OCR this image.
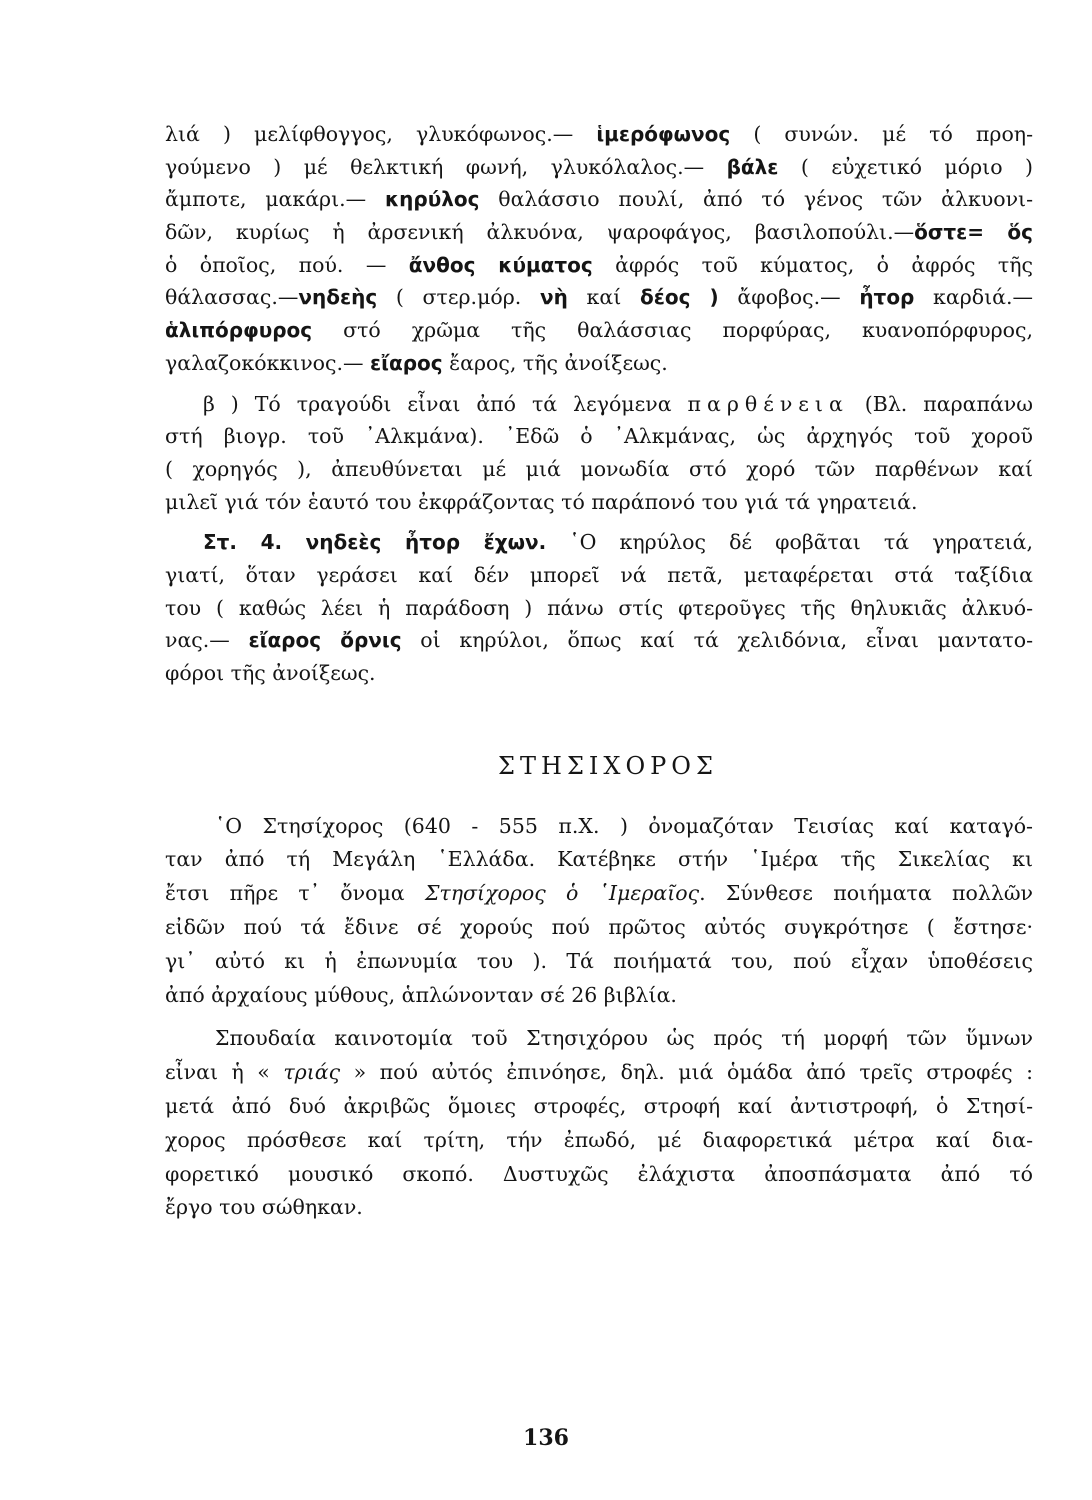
λιά ) μελίφθογγος, γλυκόφωνος.— ἱμερόφωνος ( συνών. μέ τό προη-
γούμενο ) μέ θελκτική φωνή, γλυκόλαλος.— βάλε ( εὐχετικό μόριο )
ἄμποτε, μακάρι.— κηρύλος θαλάσσιο πουλί, ἀπό τό γένος τῶν ἀλκυονι-
δῶν, κυρίως ἡ ἀρσενική ἀλκυόνα, ψαροφάγος, βασιλοπούλι.—ὅστε= ὅς
ὁ ὁποῖος, πού. — ἄνθος κύματος ἀφρός τοῦ κύματος, ὁ ἀφρός τῆς
θάλασσας.—νηδεὴς ( στερ.μόρ. νὴ καί δέος ) ἄφοβος.— ἦτορ καρδιά.—
ἁλιπόρφυρος στό χρῶμα τῆς θαλάσσιας πορφύρας, κυανοπόρφυρος,
γαλαζοκόκκινος.— εἴαρος ἔαρος, τῆς ἀνοίξεως.
β ) Τό τραγούδι εἶναι ἀπό τά λεγόμενα παρθένεια (Βλ. παραπάνω
στή βιογρ. τοῦ ᾿Αλκμάνα). ᾿Εδῶ ὁ ᾿Αλκμάνας, ὡς ἀρχηγός τοῦ χοροῦ
( χορηγός ), ἀπευθύνεται μέ μιά μονωδία στό χορό τῶν παρθένων καί
μιλεῖ γιά τόν ἑαυτό του ἐκφράζοντας τό παράπονό του γιά τά γηρατειά.
Στ. 4. νηδεὲς ἦτορ ἔχων. ῾Ο κηρύλος δέ φοβᾶται τά γηρατειά,
γιατί, ὅταν γεράσει καί δέν μπορεῖ νά πετᾶ, μεταφέρεται στά ταξίδια
του ( καθώς λέει ἡ παράδοση ) πάνω στίς φτεροῦγες τῆς θηλυκιᾶς ἀλκυό-
νας.— εἴαρος ὄρνις οἱ κηρύλοι, ὅπως καί τά χελιδόνια, εἶναι μαντατο-
φόροι τῆς ἀνοίξεως.
ΣΤΗΣΙΧΟΡΟΣ
῾Ο Στησίχορος (640 - 555 π.Χ. ) ὀνομαζόταν Τεισίας καί καταγό-
ταν ἀπό τή Μεγάλη ῾Ελλάδα. Κατέβηκε στήν ῾Ιμέρα τῆς Σικελίας κι
ἔτσι πῆρε τ᾿ ὄνομα Στησίχορος ὁ ῾Ιμεραῖος. Σύνθεσε ποιήματα πολλῶν
εἰδῶν πού τά ἔδινε σέ χορούς πού πρῶτος αὐτός συγκρότησε ( ἔστησε·
γι᾿ αὐτό κι ἡ ἐπωνυμία του ). Τά ποιήματά του, πού εἶχαν ὑποθέσεις
ἀπό ἀρχαίους μύθους, ἁπλώνονταν σέ 26 βιβλία.
Σπουδαία καινοτομία τοῦ Στησιχόρου ὡς πρός τή μορφή τῶν ὕμνων
εἶναι ἡ « τριάς » πού αὐτός ἐπινόησε, δηλ. μιά ὁμάδα ἀπό τρεῖς στροφές :
μετά ἀπό δυό ἀκριβῶς ὅμοιες στροφές, στροφή καί ἀντιστροφή, ὁ Στησί-
χορος πρόσθεσε καί τρίτη, τήν ἐπωδό, μέ διαφορετικά μέτρα καί δια-
φορετικό μουσικό σκοπό. Δυστυχῶς ἐλάχιστα ἀποσπάσματα ἀπό τό
ἔργο του σώθηκαν.
136
